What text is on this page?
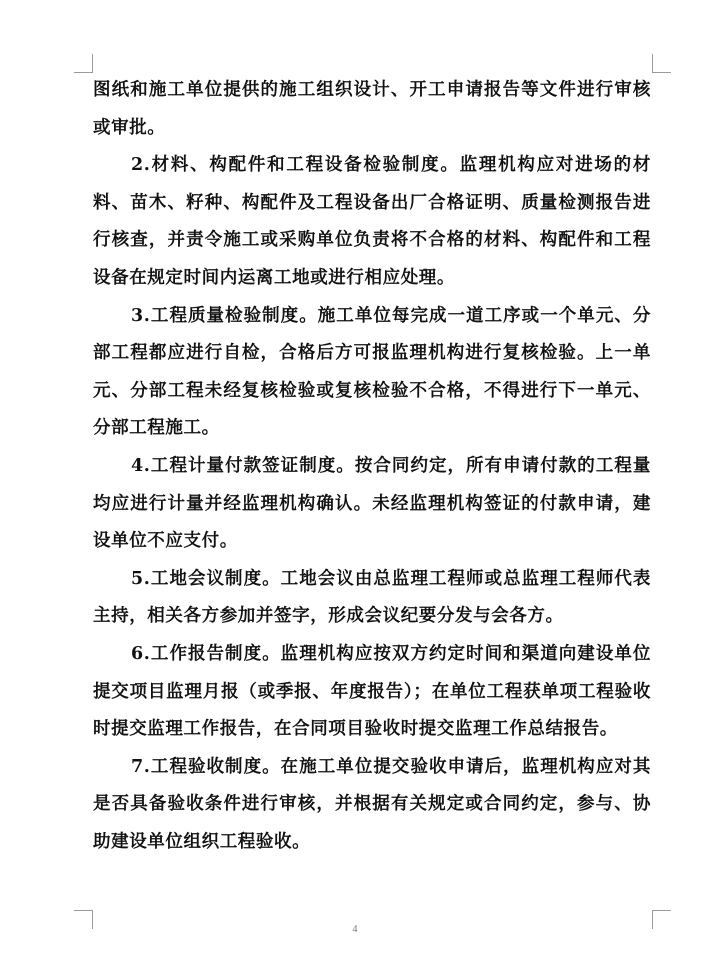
图纸和施工单位提供的施工组织设计、开工申请报告等文件进行审核或审批。

2.材料、构配件和工程设备检验制度。监理机构应对进场的材料、苗木、籽种、构配件及工程设备出厂合格证明、质量检测报告进行核查，并责令施工或采购单位负责将不合格的材料、构配件和工程设备在规定时间内运离工地或进行相应处理。

3.工程质量检验制度。施工单位每完成一道工序或一个单元、分部工程都应进行自检，合格后方可报监理机构进行复核检验。上一单元、分部工程未经复核检验或复核检验不合格，不得进行下一单元、分部工程施工。

4.工程计量付款签证制度。按合同约定，所有申请付款的工程量均应进行计量并经监理机构确认。未经监理机构签证的付款申请，建设单位不应支付。

5.工地会议制度。工地会议由总监理工程师或总监理工程师代表主持，相关各方参加并签字，形成会议纪要分发与会各方。

6.工作报告制度。监理机构应按双方约定时间和渠道向建设单位提交项目监理月报（或季报、年度报告）；在单位工程获单项工程验收时提交监理工作报告，在合同项目验收时提交监理工作总结报告。

7.工程验收制度。在施工单位提交验收申请后，监理机构应对其是否具备验收条件进行审核，并根据有关规定或合同约定，参与、协助建设单位组织工程验收。

4
